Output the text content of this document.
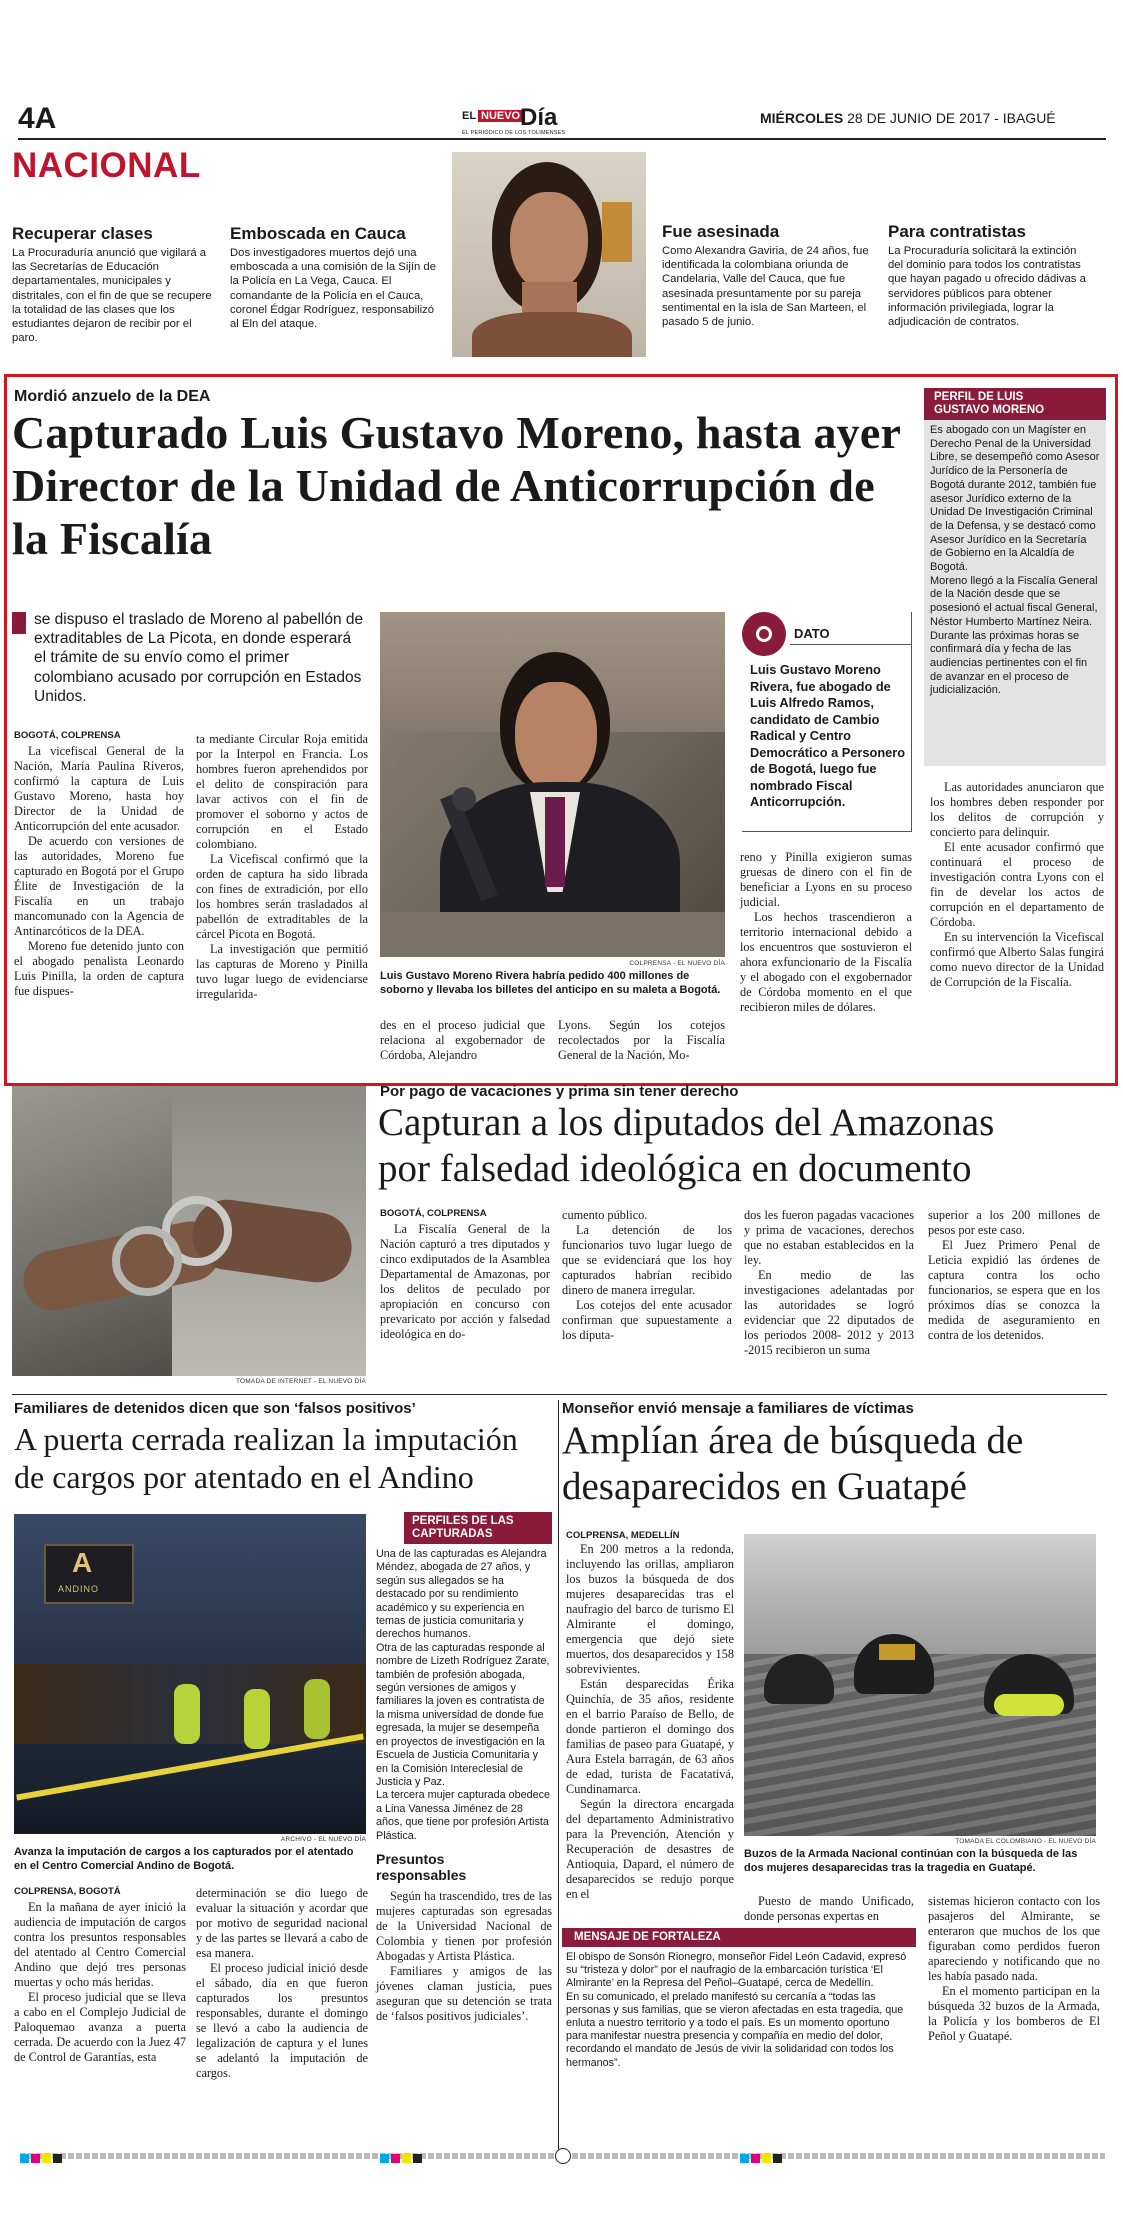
4A	EL NUEVO Día
EL PERIÓDICO DE LOS TOLIMENSES
MIÉRCOLES 28 DE JUNIO DE 2017 - IBAGUÉ
NACIONAL
Recuperar clases
La Procuraduría anunció que vigilará a las Secretarías de Educación departamentales, municipales y distritales, con el fin de que se recupere la totalidad de las clases que los estudiantes dejaron de recibir por el paro.
Emboscada en Cauca
Dos investigadores muertos dejó una emboscada a una comisión de la Sijín de la Policía en La Vega, Cauca. El comandante de la Policía en el Cauca, coronel Édgar Rodríguez, responsabilizó al Eln del ataque.
Fue asesinada
Como Alexandra Gaviria, de 24 años, fue identificada la colombiana oriunda de Candelaria, Valle del Cauca, que fue asesinada presuntamente por su pareja sentimental en la isla de San Marteen, el pasado 5 de junio.
Para contratistas
La Procuraduría solicitará la extinción del dominio para todos los contratistas que hayan pagado u ofrecido dádivas a servidores públicos para obtener información privilegiada, lograr la adjudicación de contratos.
Mordió anzuelo de la DEA
Capturado Luis Gustavo Moreno, hasta ayer Director de la Unidad de Anticorrupción de la Fiscalía
se dispuso el traslado de Moreno al pabellón de extraditables de La Picota, en donde esperará el trámite de su envío como el primer colombiano acusado por corrupción en Estados Unidos.
BOGOTÁ, COLPRENSA

La vicefiscal General de la Nación, María Paulina Riveros, confirmó la captura de Luis Gustavo Moreno, hasta hoy Director de la Unidad de Anticorrupción del ente acusador.

De acuerdo con versiones de las autoridades, Moreno fue capturado en Bogotá por el Grupo Élite de Investigación de la Fiscalía en un trabajo mancomunado con la Agencia de Antinarcóticos de la DEA.

Moreno fue detenido junto con el abogado penalista Leonardo Luis Pinilla, la orden de captura fue dispues-

ta mediante Circular Roja emitida por la Interpol en Francia. Los hombres fueron aprehendidos por el delito de conspiración para lavar activos con el fin de promover el soborno y actos de corrupción en el Estado colombiano.

La Vicefiscal confirmó que la orden de captura ha sido librada con fines de extradición, por ello los hombres serán trasladados al pabellón de extraditables de la cárcel Picota en Bogotá.

La investigación que permitió las capturas de Moreno y Pinilla tuvo lugar luego de evidenciarse irregularida-

COLPRENSA - EL NUEVO DÍA
Luis Gustavo Moreno Rivera habría pedido 400 millones de soborno y llevaba los billetes del anticipo en su maleta a Bogotá.
des en el proceso judicial que relaciona al exgobernador de Córdoba, Alejandro
Lyons. Según los cotejos recolectados por la Fiscalía General de la Nación, Mo-
DATO
Luis Gustavo Moreno Rivera, fue abogado de Luis Alfredo Ramos, candidato de Cambio Radical y Centro Democrático a Personero de Bogotá, luego fue nombrado Fiscal Anticorrupción.

reno y Pinilla exigieron sumas gruesas de dinero con el fin de beneficiar a Lyons en su proceso judicial.

Los hechos trascendieron a territorio internacional debido a los encuentros que sostuvieron el ahora exfuncionario de la Fiscalía y el abogado con el exgobernador de Córdoba momento en el que recibieron miles de dólares.

PERFIL DE LUIS
GUSTAVO MORENO

Es abogado con un Magíster en Derecho Penal de la Universidad Libre, se desempeñó como Asesor Jurídico de la Personería de Bogotá durante 2012, también fue asesor Jurídico externo de la Unidad De Investigación Criminal de la Defensa, y se destacó como Asesor Jurídico en la Secretaría de Gobierno en la Alcaldía de Bogotá.

Moreno llegó a la Fiscalía General de la Nación desde que se posesionó el actual fiscal General, Néstor Humberto Martínez Neira.

Durante las próximas horas se confirmará día y fecha de las audiencias pertinentes con el fin de avanzar en el proceso de judicialización.

Las autoridades anunciaron que los hombres deben responder por los delitos de corrupción y concierto para delinquir.

El ente acusador confirmó que continuará el proceso de investigación contra Lyons con el fin de develar los actos de corrupción en el departamento de Córdoba.

En su intervención la Vicefiscal confirmó que Alberto Salas fungirá como nuevo director de la Unidad de Corrupción de la Fiscalía.

TOMADA DE INTERNET - EL NUEVO DÍA
Por pago de vacaciones y prima sin tener derecho
Capturan a los diputados del Amazonas
por falsedad ideológica en documento
BOGOTÁ, COLPRENSA

La Fiscalía General de la Nación capturó a tres diputados y cinco exdiputados de la Asamblea Departamental de Amazonas, por los delitos de peculado por apropiación en concurso con prevaricato por acción y falsedad ideológica en do-

cumento público.

La detención de los funcionarios tuvo lugar luego de que se evidenciará que los hoy capturados habrían recibido dinero de manera irregular.

Los cotejos del ente acusador confirman que supuestamente a los diputa-

dos les fueron pagadas vacaciones y prima de vacaciones, derechos que no estaban establecidos en la ley.

En medio de las investigaciones adelantadas por las autoridades se logró evidenciar que 22 diputados de los periodos 2008- 2012 y 2013 -2015 recibieron un suma

superior a los 200 millones de pesos por este caso.

El Juez Primero Penal de Leticia expidió las órdenes de captura contra los ocho funcionarios, se espera que en los próximos días se conozca la medida de aseguramiento en contra de los detenidos.

Familiares de detenidos dicen que son ‘falsos positivos’
A puerta cerrada realizan la imputación de cargos por atentado en el Andino
A
ANDINO
ARCHIVO - EL NUEVO DÍA
Avanza la imputación de cargos a los capturados por el atentado en el Centro Comercial Andino de Bogotá.
COLPRENSA, BOGOTÁ

En la mañana de ayer inició la audiencia de imputación de cargos contra los presuntos responsables del atentado al Centro Comercial Andino que dejó tres personas muertas y ocho más heridas.

El proceso judicial que se lleva a cabo en el Complejo Judicial de Paloquemao avanza a puerta cerrada. De acuerdo con la Juez 47 de Control de Garantías, esta

determinación se dio luego de evaluar la situación y acordar que por motivo de seguridad nacional y de las partes se llevará a cabo de esa manera.

El proceso judicial inició desde el sábado, día en que fueron capturados los presuntos responsables, durante el domingo se llevó a cabo la audiencia de legalización de captura y el lunes se adelantó la imputación de cargos.

PERFILES DE LAS
CAPTURADAS

Una de las capturadas es Alejandra Méndez, abogada de 27 años, y según sus allegados se ha destacado por su rendimiento académico y su experiencia en temas de justicia comunitaria y derechos humanos.

Otra de las capturadas responde al nombre de Lizeth Rodríguez Zarate, también de profesión abogada, según versiones de amigos y familiares la joven es contratista de la misma universidad de donde fue egresada, la mujer se desempeña en proyectos de investigación en la Escuela de Justicia Comunitaria y en la Comisión Intereclesial de Justicia y Paz.

La tercera mujer capturada obedece a Lina Vanessa Jiménez de 28 años, que tiene por profesión Artista Plástica.

Presuntos responsables

Según ha trascendido, tres de las mujeres capturadas son egresadas de la Universidad Nacional de Colombia y tienen por profesión Abogadas y Artista Plástica.

Familiares y amigos de las jóvenes claman justicia, pues aseguran que su detención se trata de ‘falsos positivos judiciales’.

Monseñor envió mensaje a familiares de víctimas
Amplían área de búsqueda de desaparecidos en Guatapé
COLPRENSA, MEDELLÍN

En 200 metros a la redonda, incluyendo las orillas, ampliaron los buzos la búsqueda de dos mujeres desaparecidas tras el naufragio del barco de turismo El Almirante el domingo, emergencia que dejó siete muertos, dos desaparecidos y 158 sobrevivientes.

Están desparecidas Érika Quinchía, de 35 años, residente en el barrio Paraíso de Bello, de donde partieron el domingo dos familias de paseo para Guatapé, y Aura Estela barragán, de 63 años de edad, turista de Facatativá, Cundinamarca.

Según la directora encargada del departamento Administrativo para la Prevención, Atención y Recuperación de desastres de Antioquia, Dapard, el número de desaparecidos se redujo porque en el

TOMADA EL COLOMBIANO - EL NUEVO DÍA
Buzos de la Armada Nacional continúan con la búsqueda de las dos mujeres desaparecidas tras la tragedia en Guatapé.

Puesto de mando Unificado, donde personas expertas en

sistemas hicieron contacto con los pasajeros del Almirante, se enteraron que muchos de los que figuraban como perdidos fueron apareciendo y notificando que no les había pasado nada.

En el momento participan en la búsqueda 32 buzos de la Armada, la Policía y los bomberos de El Peñol y Guatapé.

MENSAJE DE FORTALEZA

El obispo de Sonsón Rionegro, monseñor Fidel León Cadavid, expresó su “tristeza y dolor” por el naufragio de la embarcación turística ‘El Almirante’ en la Represa del Peñol–Guatapé, cerca de Medellín.

En su comunicado, el prelado manifestó su cercanía a “todas las personas y sus familias, que se vieron afectadas en esta tragedia, que enluta a nuestro territorio y a todo el país. Es un momento oportuno para manifestar nuestra presencia y compañía en medio del dolor, recordando el mandato de Jesús de vivir la solidaridad con todos los hermanos”.
